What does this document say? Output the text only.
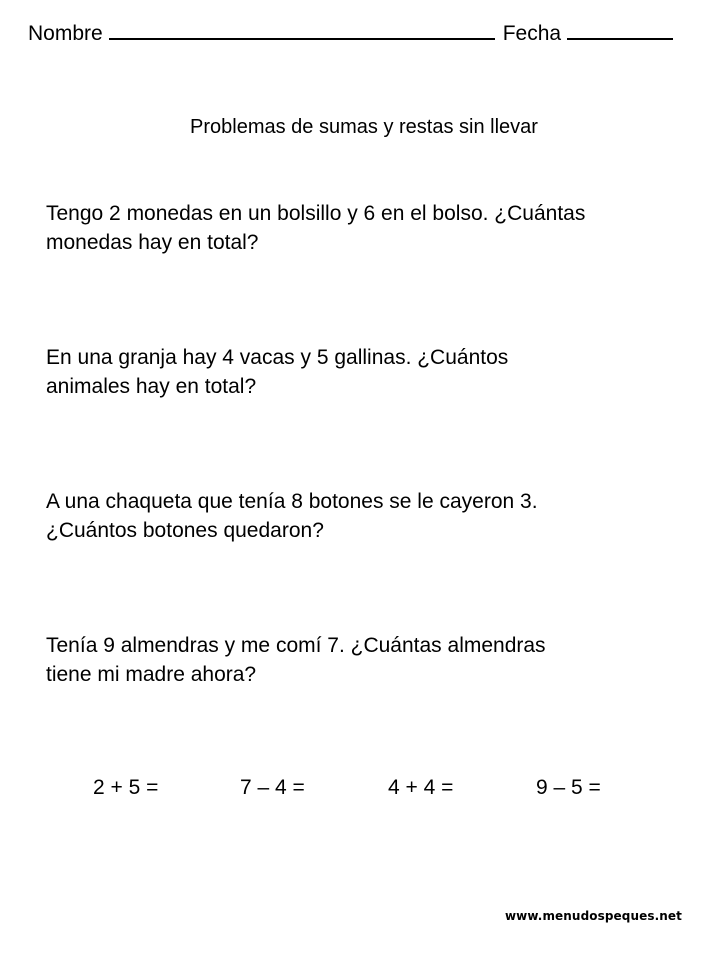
Nombre	Fecha
Problemas de sumas y restas sin llevar
Tengo 2 monedas en un bolsillo y 6 en el bolso. ¿Cuántas
monedas hay en total?
En una granja hay 4 vacas y 5 gallinas. ¿Cuántos
animales hay en total?
A una chaqueta que tenía 8 botones se le cayeron 3.
¿Cuántos botones quedaron?
Tenía 9 almendras y me comí 7. ¿Cuántas almendras
tiene mi madre ahora?
2 + 5 =	7 – 4 =	4 + 4 =	9 – 5 =
www.menudospeques.net
